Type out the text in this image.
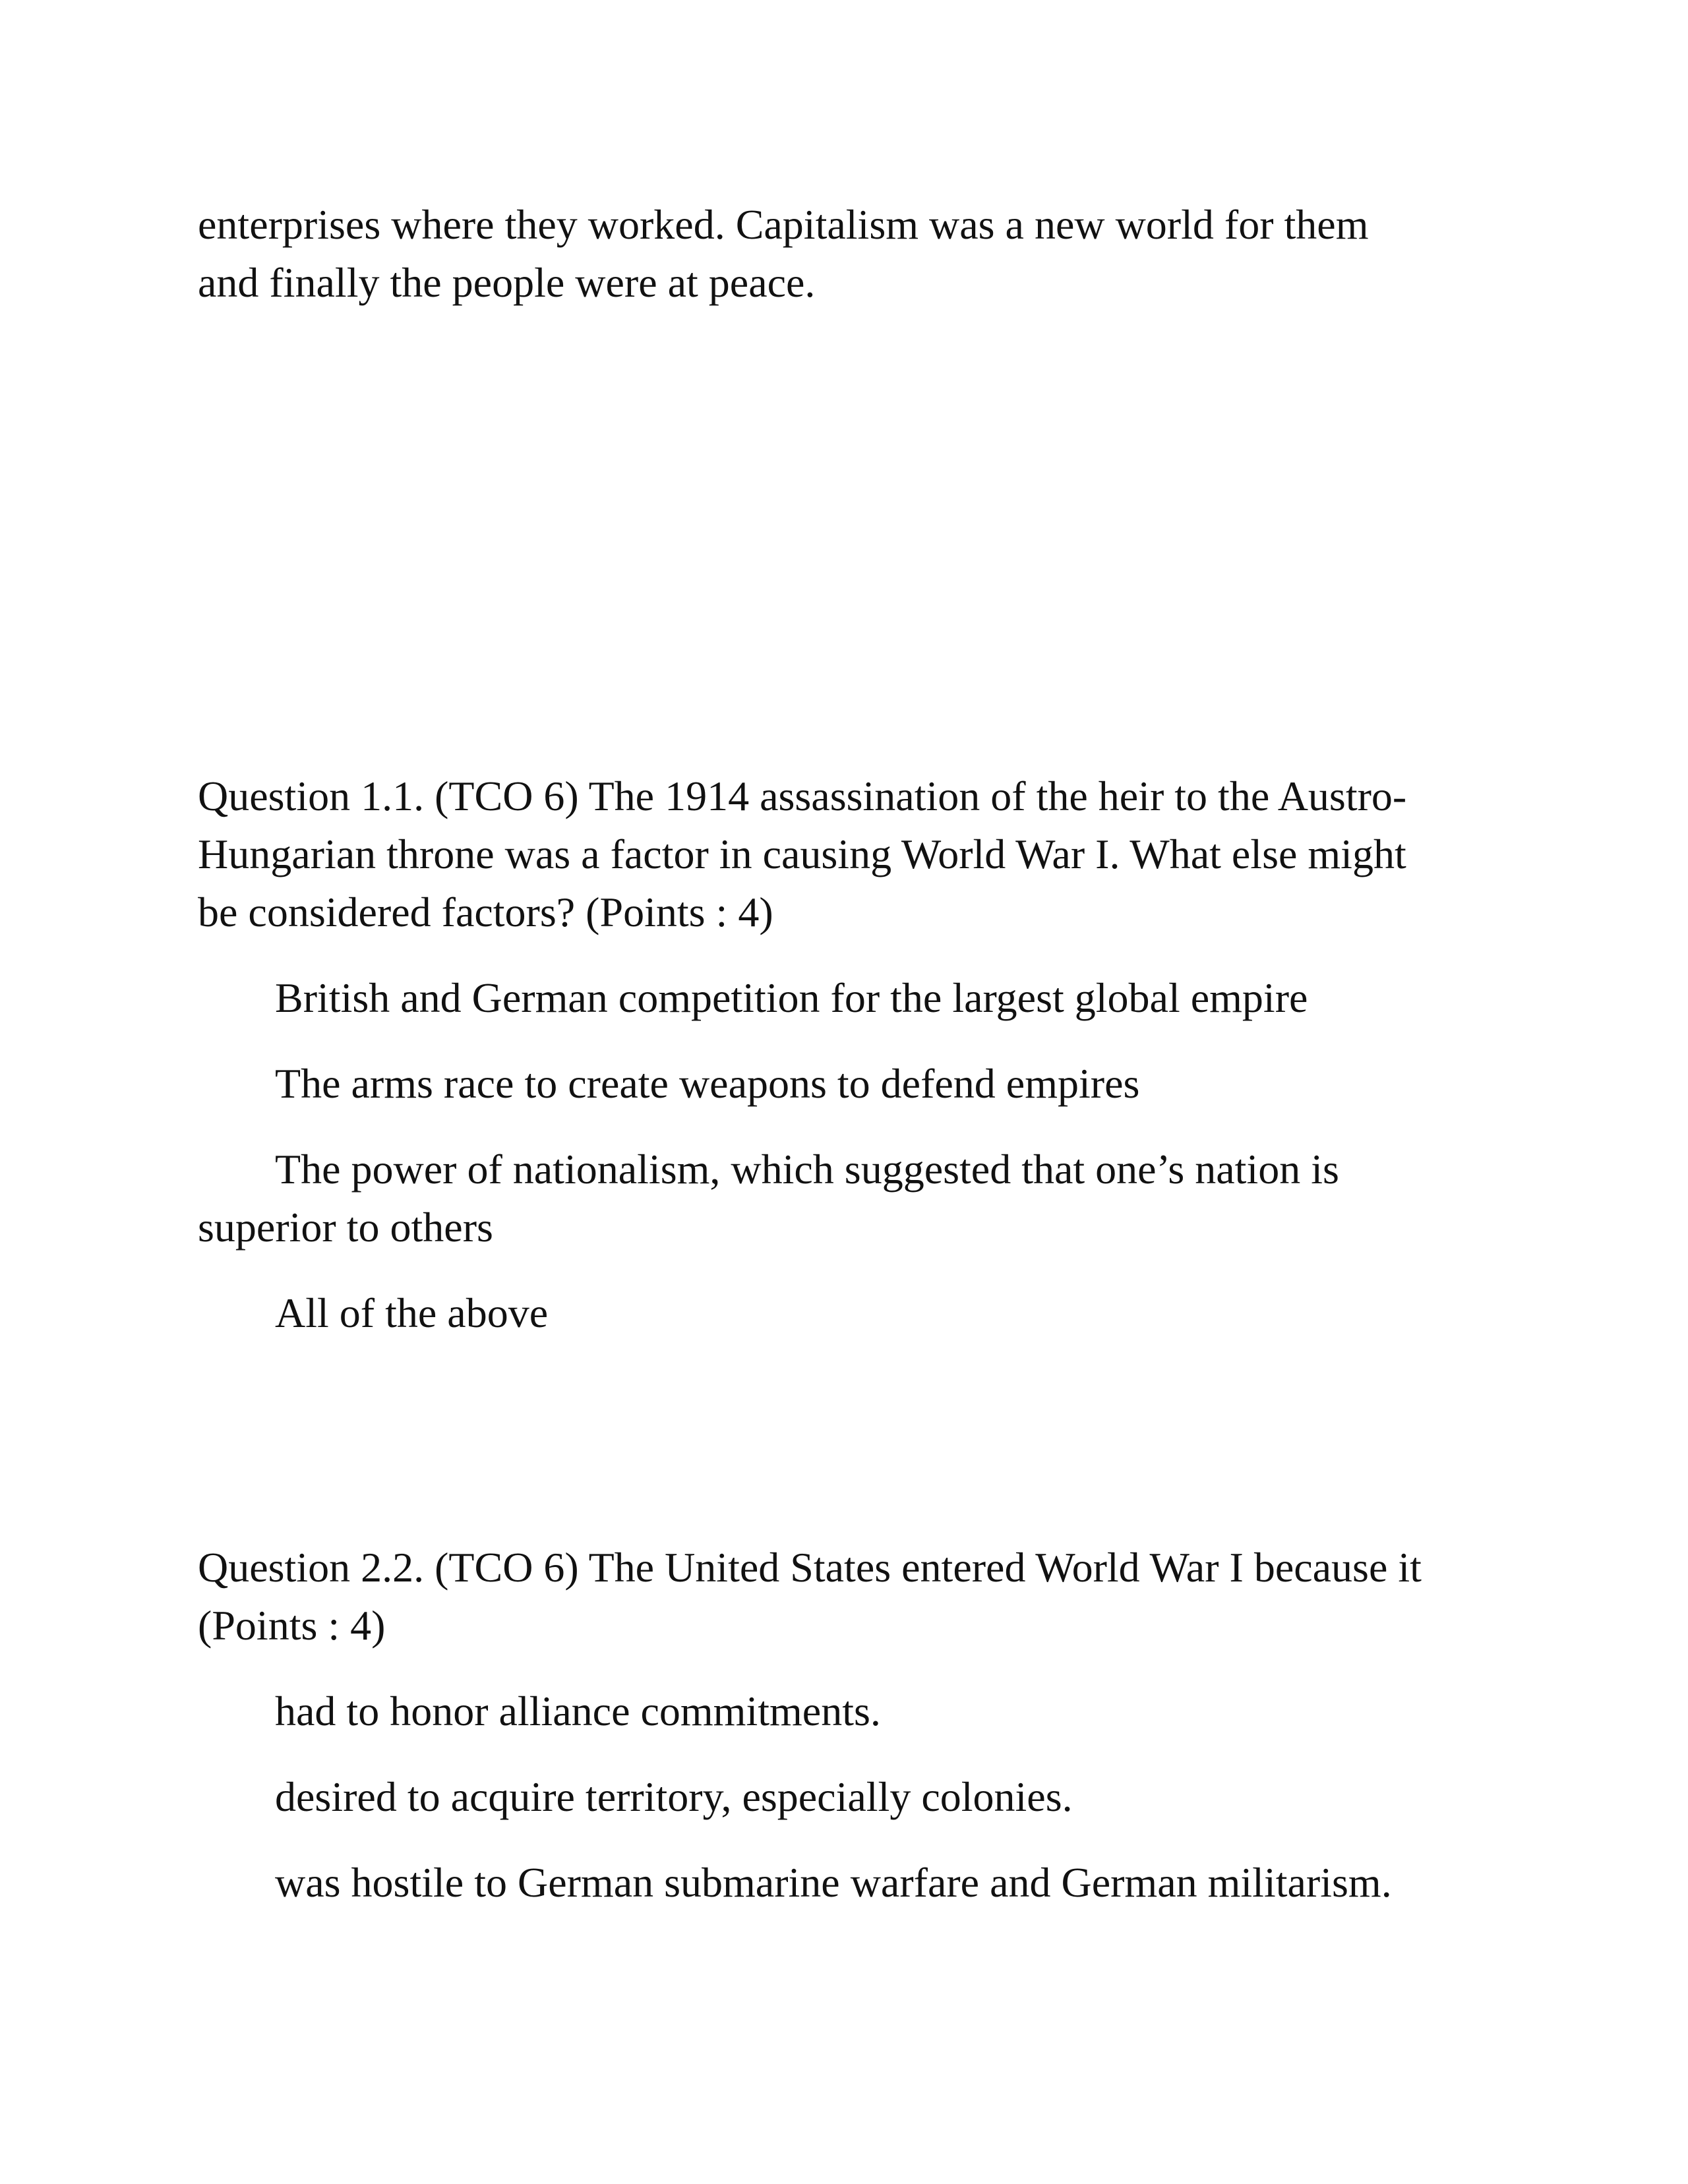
enterprises where they worked. Capitalism was a new world for them
and finally the people were at peace.
Question 1.1. (TCO 6) The 1914 assassination of the heir to the Austro-
Hungarian throne was a factor in causing World War I. What else might
be considered factors? (Points : 4)
British and German competition for the largest global empire
The arms race to create weapons to defend empires
The power of nationalism, which suggested that one’s nation is
superior to others
All of the above
Question 2.2. (TCO 6) The United States entered World War I because it
(Points : 4)
had to honor alliance commitments.
desired to acquire territory, especially colonies.
was hostile to German submarine warfare and German militarism.
